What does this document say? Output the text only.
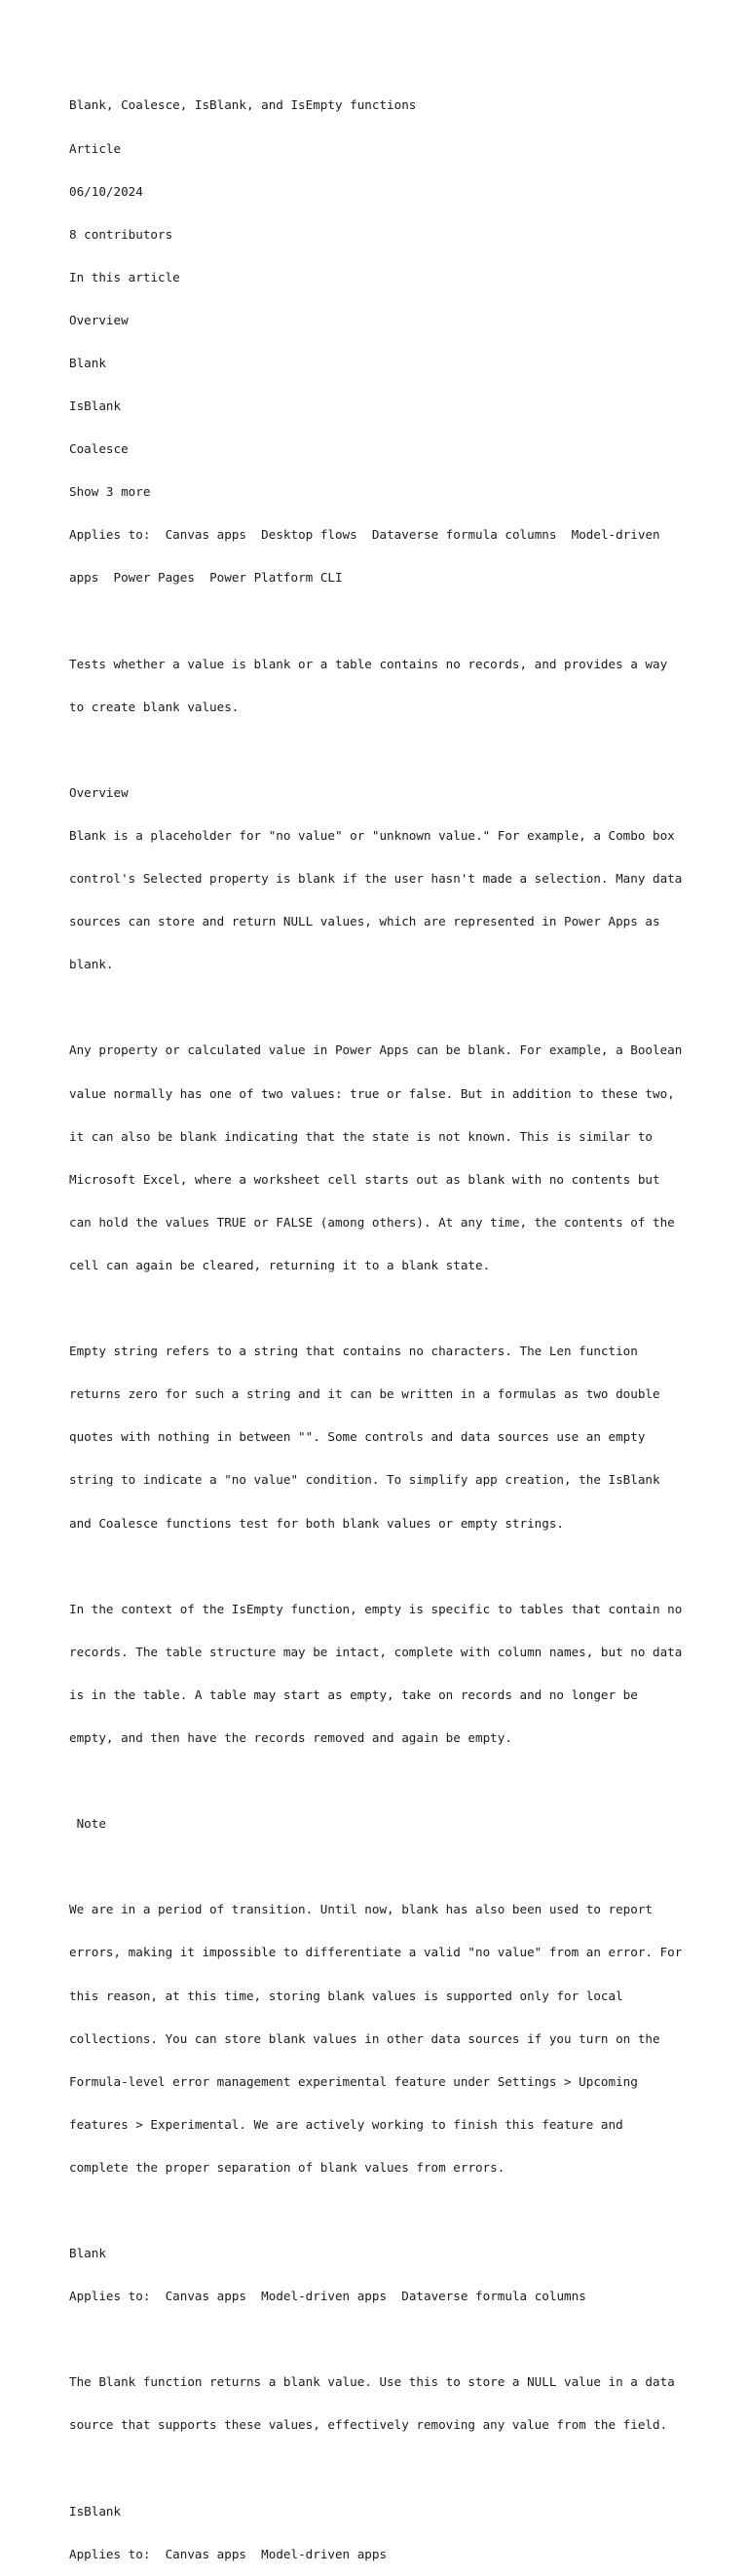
Blank, Coalesce, IsBlank, and IsEmpty functions

Article

06/10/2024

8 contributors

In this article

Overview

Blank

IsBlank

Coalesce

Show 3 more

Applies to: Canvas apps Desktop flows Dataverse formula columns Model-driven

apps Power Pages Power Platform CLI

Tests whether a value is blank or a table contains no records, and provides a way

to create blank values.

Overview

Blank is a placeholder for "no value" or "unknown value." For example, a Combo box

control's Selected property is blank if the user hasn't made a selection. Many data

sources can store and return NULL values, which are represented in Power Apps as

blank.

Any property or calculated value in Power Apps can be blank. For example, a Boolean

value normally has one of two values: true or false. But in addition to these two,

it can also be blank indicating that the state is not known. This is similar to

Microsoft Excel, where a worksheet cell starts out as blank with no contents but

can hold the values TRUE or FALSE (among others). At any time, the contents of the

cell can again be cleared, returning it to a blank state.

Empty string refers to a string that contains no characters. The Len function

returns zero for such a string and it can be written in a formulas as two double

quotes with nothing in between "". Some controls and data sources use an empty

string to indicate a "no value" condition. To simplify app creation, the IsBlank

and Coalesce functions test for both blank values or empty strings.

In the context of the IsEmpty function, empty is specific to tables that contain no

records. The table structure may be intact, complete with column names, but no data

is in the table. A table may start as empty, take on records and no longer be

empty, and then have the records removed and again be empty.

Note

We are in a period of transition. Until now, blank has also been used to report

errors, making it impossible to differentiate a valid "no value" from an error. For

this reason, at this time, storing blank values is supported only for local

collections. You can store blank values in other data sources if you turn on the

Formula-level error management experimental feature under Settings > Upcoming

features > Experimental. We are actively working to finish this feature and

complete the proper separation of blank values from errors.

Blank

Applies to: Canvas apps Model-driven apps Dataverse formula columns

The Blank function returns a blank value. Use this to store a NULL value in a data

source that supports these values, effectively removing any value from the field.

IsBlank

Applies to: Canvas apps Model-driven apps
